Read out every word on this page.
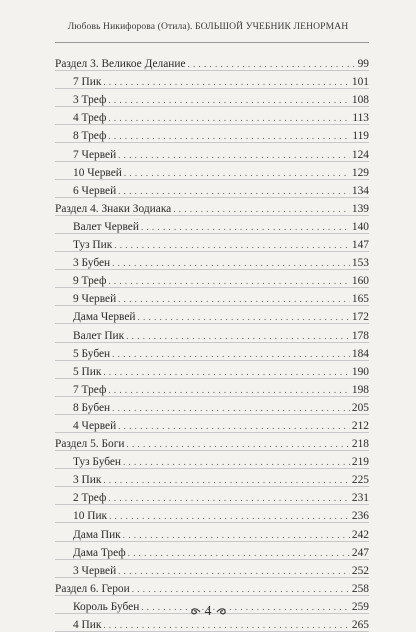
Любовь Никифорова (Отила). БОЛЬШОЙ УЧЕБНИК ЛЕНОРМАН
Раздел 3. Великое Делание . . .	99
7 Пик . . .	101
3 Треф . . .	108
4 Треф . . .	113
8 Треф . . .	119
7 Червей . . .	124
10 Червей . . .	129
6 Червей . . .	134
Раздел 4. Знаки Зодиака . . .	139
Валет Червей . . .	140
Туз Пик . . .	147
3 Бубен . . .	153
9 Треф . . .	160
9 Червей . . .	165
Дама Червей . . .	172
Валет Пик . . .	178
5 Бубен . . .	184
5 Пик . . .	190
7 Треф . . .	198
8 Бубен . . .	205
4 Червей . . .	212
Раздел 5. Боги . . .	218
Туз Бубен . . .	219
3 Пик . . .	225
2 Треф . . .	231
10 Пик . . .	236
Дама Пик . . .	242
Дама Треф . . .	247
3 Червей . . .	252
Раздел 6. Герои . . .	258
Король Бубен . . .	259
4 Пик . . .	265
4
